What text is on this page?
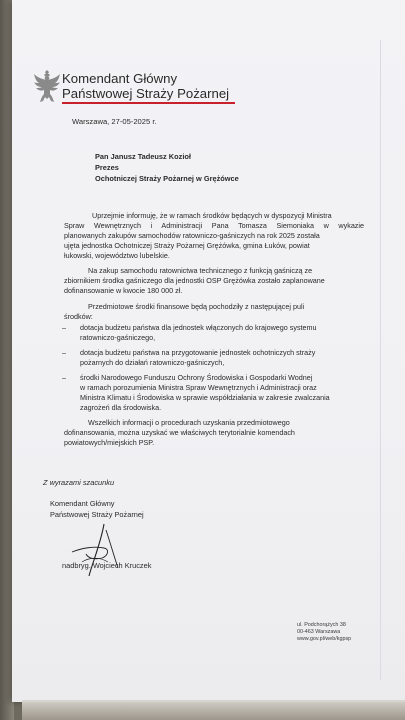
Komendant Główny
Państwowej Straży Pożarnej
Warszawa, 27-05-2025 r.
Pan Janusz Tadeusz Kozioł
Prezes
Ochotniczej Straży Pożarnej w Grężówce
Uprzejmie informuję, że w ramach środków będących w dyspozycji Ministra
Spraw Wewnętrznych i Administracji Pana Tomasza Siemoniaka w wykazie
planowanych zakupów samochodów ratowniczo-gaśniczych na rok 2025 została
ujęta jednostka Ochotniczej Straży Pożarnej Grężówka, gmina Łuków, powiat
łukowski, województwo lubelskie.
Na zakup samochodu ratownictwa technicznego z funkcją gaśniczą ze
zbiornikiem środka gaśniczego dla jednostki OSP Grężówka zostało zaplanowane
dofinansowanie w kwocie 180 000 zł.
Przedmiotowe środki finansowe będą pochodziły z następującej puli
środków:
– dotacja budżetu państwa dla jednostek włączonych do krajowego systemu
ratowniczo-gaśniczego,
– dotacja budżetu państwa na przygotowanie jednostek ochotniczych straży
pożarnych do działań ratowniczo-gaśniczych,
– środki Narodowego Funduszu Ochrony Środowiska i Gospodarki Wodnej
w ramach porozumienia Ministra Spraw Wewnętrznych i Administracji oraz
Ministra Klimatu i Środowiska w sprawie współdziałania w zakresie zwalczania
zagrożeń dla środowiska.
Wszelkich informacji o procedurach uzyskania przedmiotowego
dofinansowania, można uzyskać we właściwych terytorialnie komendach
powiatowych/miejskich PSP.
Z wyrazami szacunku
Komendant Główny
Państwowej Straży Pożarnej
nadbryg. Wojciech Kruczek
ul. Podchorążych 38
00-463 Warszawa
www.gov.pl/web/kgpsp
